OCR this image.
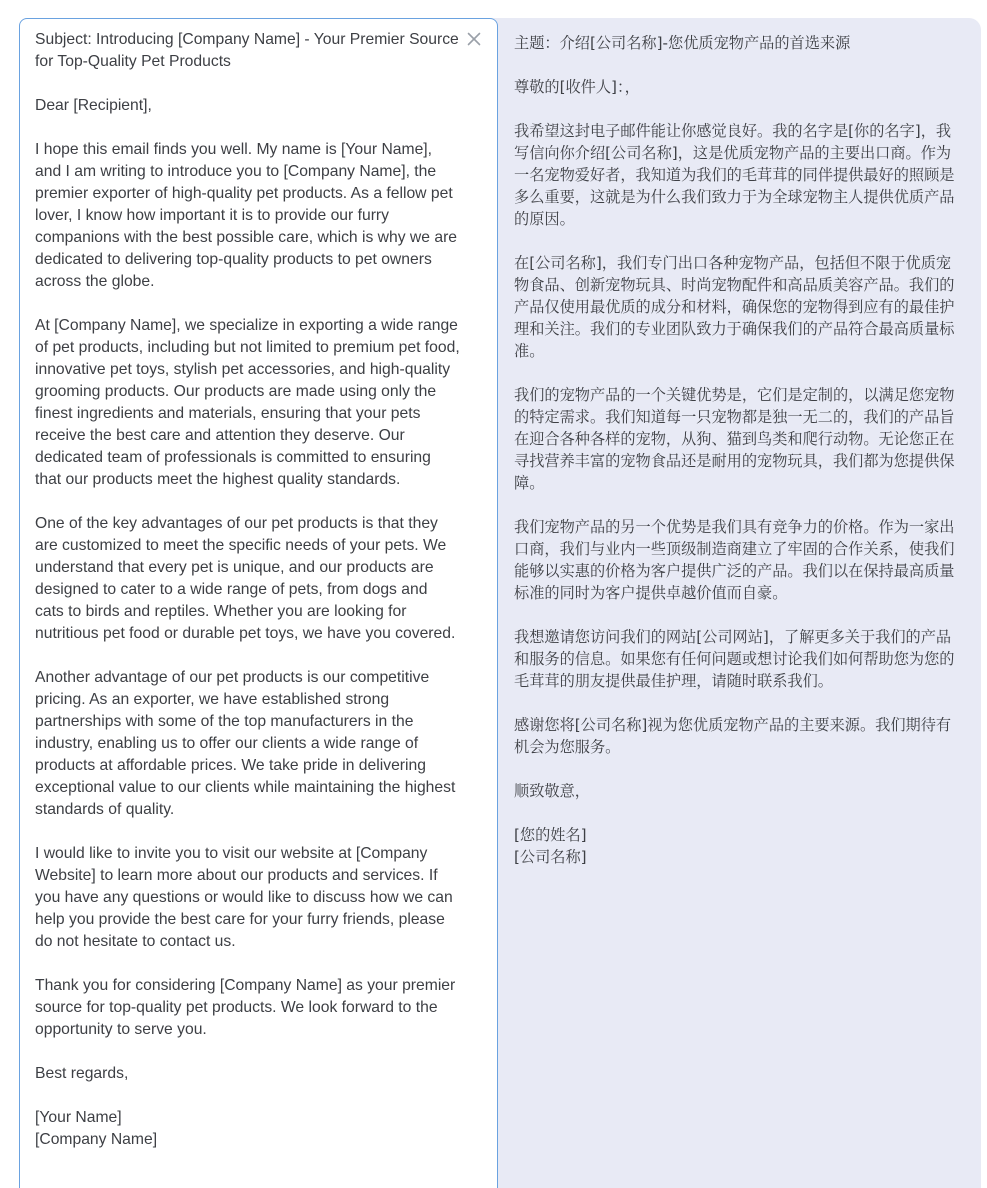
Subject: Introducing [Company Name] - Your Premier Source for Top-Quality Pet Products

Dear [Recipient],

I hope this email finds you well. My name is [Your Name], and I am writing to introduce you to [Company Name], the premier exporter of high-quality pet products. As a fellow pet lover, I know how important it is to provide our furry companions with the best possible care, which is why we are dedicated to delivering top-quality products to pet owners across the globe.

At [Company Name], we specialize in exporting a wide range of pet products, including but not limited to premium pet food, innovative pet toys, stylish pet accessories, and high-quality grooming products. Our products are made using only the finest ingredients and materials, ensuring that your pets receive the best care and attention they deserve. Our dedicated team of professionals is committed to ensuring that our products meet the highest quality standards.

One of the key advantages of our pet products is that they are customized to meet the specific needs of your pets. We understand that every pet is unique, and our products are designed to cater to a wide range of pets, from dogs and cats to birds and reptiles. Whether you are looking for nutritious pet food or durable pet toys, we have you covered.

Another advantage of our pet products is our competitive pricing. As an exporter, we have established strong partnerships with some of the top manufacturers in the industry, enabling us to offer our clients a wide range of products at affordable prices. We take pride in delivering exceptional value to our clients while maintaining the highest standards of quality.

I would like to invite you to visit our website at [Company Website] to learn more about our products and services. If you have any questions or would like to discuss how we can help you provide the best care for your furry friends, please do not hesitate to contact us.

Thank you for considering [Company Name] as your premier source for top-quality pet products. We look forward to the opportunity to serve you.

Best regards,

[Your Name]
[Company Name]
主题：介绍[公司名称]-您优质宠物产品的首选来源

尊敬的[收件人]：，

我希望这封电子邮件能让你感觉良好。我的名字是[你的名字]，我写信向你介绍[公司名称]，这是优质宠物产品的主要出口商。作为一名宠物爱好者，我知道为我们的毛茸茸的同伴提供最好的照顾是多么重要，这就是为什么我们致力于为全球宠物主人提供优质产品的原因。

在[公司名称]，我们专门出口各种宠物产品，包括但不限于优质宠物食品、创新宠物玩具、时尚宠物配件和高品质美容产品。我们的产品仅使用最优质的成分和材料，确保您的宠物得到应有的最佳护理和关注。我们的专业团队致力于确保我们的产品符合最高质量标准。

我们的宠物产品的一个关键优势是，它们是定制的，以满足您宠物的特定需求。我们知道每一只宠物都是独一无二的，我们的产品旨在迎合各种各样的宠物，从狗、猫到鸟类和爬行动物。无论您正在寻找营养丰富的宠物食品还是耐用的宠物玩具，我们都为您提供保障。

我们宠物产品的另一个优势是我们具有竞争力的价格。作为一家出口商，我们与业内一些顶级制造商建立了牢固的合作关系，使我们能够以实惠的价格为客户提供广泛的产品。我们以在保持最高质量标准的同时为客户提供卓越价值而自豪。

我想邀请您访问我们的网站[公司网站]，了解更多关于我们的产品和服务的信息。如果您有任何问题或想讨论我们如何帮助您为您的毛茸茸的朋友提供最佳护理，请随时联系我们。

感谢您将[公司名称]视为您优质宠物产品的主要来源。我们期待有机会为您服务。

顺致敬意，

[您的姓名]
[公司名称]
